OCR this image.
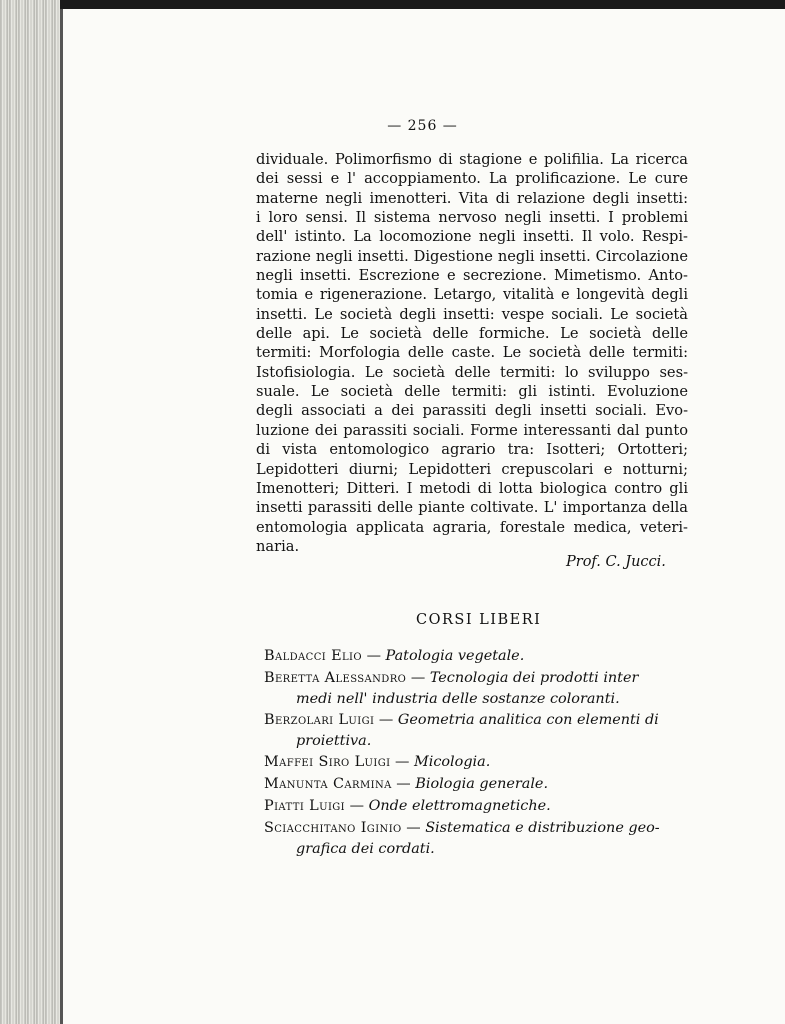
— 256 —
dividuale. Polimorfismo di stagione e polifilia. La ricerca
dei sessi e l' accoppiamento. La prolificazione. Le cure
materne negli imenotteri. Vita di relazione degli insetti:
i loro sensi. Il sistema nervoso negli insetti. I problemi
dell' istinto. La locomozione negli insetti. Il volo. Respi-
razione negli insetti. Digestione negli insetti. Circolazione
negli insetti. Escrezione e secrezione. Mimetismo. Anto-
tomia e rigenerazione. Letargo, vitalità e longevità degli
insetti. Le società degli insetti: vespe sociali. Le società
delle api. Le società delle formiche. Le società delle
termiti: Morfologia delle caste. Le società delle termiti:
Istofisiologia. Le società delle termiti: lo sviluppo ses-
suale. Le società delle termiti: gli istinti. Evoluzione
degli associati a dei parassiti degli insetti sociali. Evo-
luzione dei parassiti sociali. Forme interessanti dal punto
di vista entomologico agrario tra: Isotteri; Ortotteri;
Lepidotteri diurni; Lepidotteri crepuscolari e notturni;
Imenotteri; Ditteri. I metodi di lotta biologica contro gli
insetti parassiti delle piante coltivate. L' importanza della
entomologia applicata agraria, forestale medica, veteri-
naria.
Prof. C. Jucci.
CORSI LIBERI
Baldacci Elio — Patologia vegetale.
Beretta Alessandro — Tecnologia dei prodotti inter
medi nell' industria delle sostanze coloranti.
Berzolari Luigi — Geometria analitica con elementi di
proiettiva.
Maffei Siro Luigi — Micologia.
Manunta Carmina — Biologia generale.
Piatti Luigi — Onde elettromagnetiche.
Sciacchitano Iginio — Sistematica e distribuzione geo-
grafica dei cordati.
